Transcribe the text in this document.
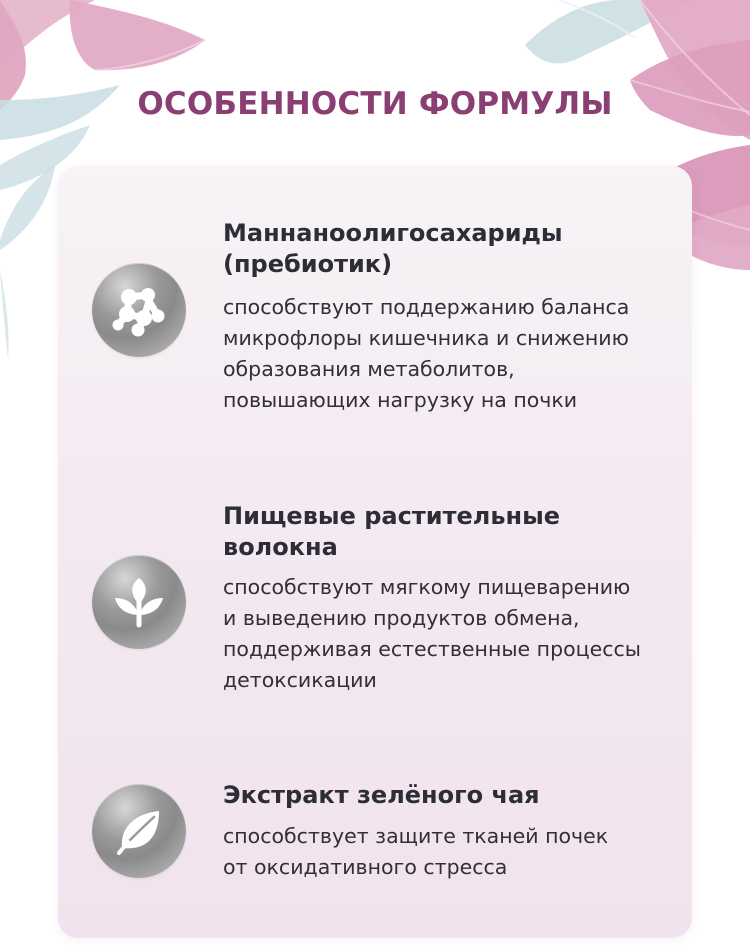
ОСОБЕННОСТИ ФОРМУЛЫ
Маннаноолигосахариды
(пребиотик)

способствуют поддержанию баланса
микрофлоры кишечника и снижению
образования метаболитов,
повышающих нагрузку на почки

Пищевые растительные
волокна

способствуют мягкому пищеварению
и выведению продуктов обмена,
поддерживая естественные процессы
детоксикации

Экстракт зелёного чая

способствует защите тканей почек
от оксидативного стресса
